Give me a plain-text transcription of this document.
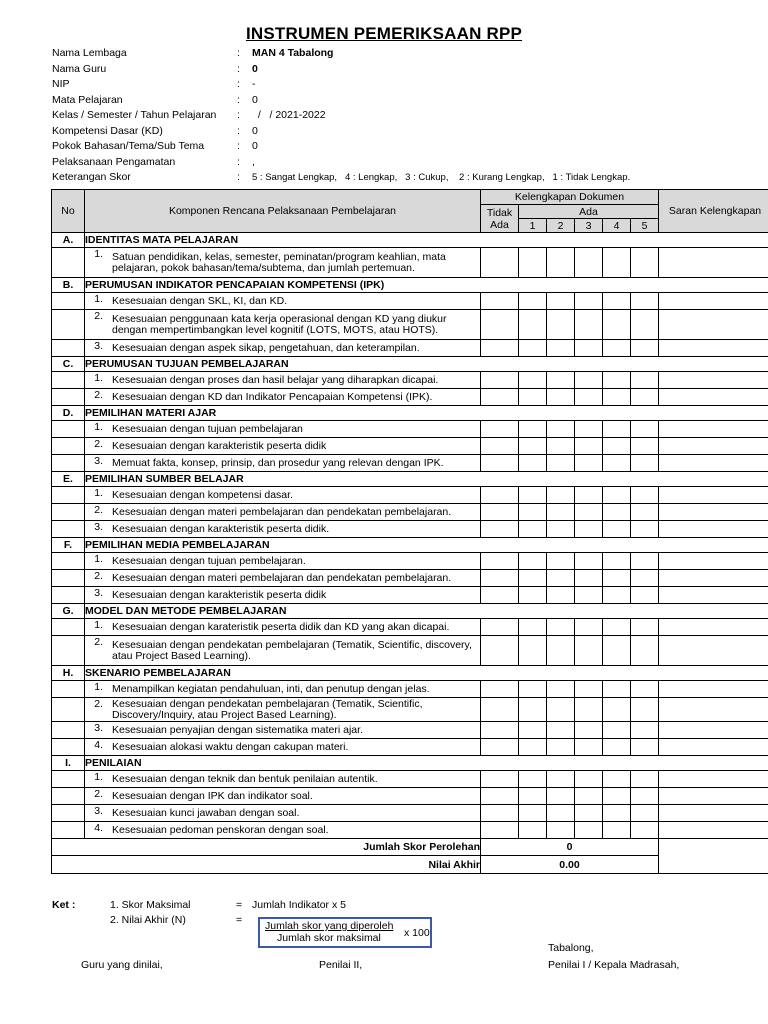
INSTRUMEN PEMERIKSAAN RPP
Nama Lembaga	: MAN 4 Tabalong
Nama Guru	: 0
NIP	: -
Mata Pelajaran	: 0
Kelas / Semester / Tahun Pelajaran : /   / 2021-2022
Kompetensi Dasar (KD)	: 0
Pokok Bahasan/Tema/Sub Tema	: 0
Pelaksanaan Pengamatan	: ,
Keterangan Skor	: 5 : Sangat Lengkap,   4 : Lengkap,   3 : Cukup,    2 : Kurang Lengkap,   1 : Tidak Lengkap.
No	Komponen Rencana Pelaksanaan Pembelajaran	Kelengkapan Dokumen						Saran Kelengkapan
		Tidak Ada	Ada					
			1	2	3	4	5	
A.	IDENTITAS MATA PELAJARAN							

	1. Satuan pendidikan, kelas, semester, peminatan/program keahlian, mata pelajaran, pokok bahasan/tema/subtema, dan jumlah pertemuan.							

B.	PERUMUSAN INDIKATOR PENCAPAIAN KOMPETENSI (IPK)							

	1. Kesesuaian dengan SKL, KI, dan KD.							

	2. Kesesuaian penggunaan kata kerja operasional dengan KD yang diukur dengan mempertimbangkan level kognitif (LOTS, MOTS, atau HOTS).							

	3. Kesesuaian dengan aspek sikap, pengetahuan, dan keterampilan.							

C.	PERUMUSAN TUJUAN PEMBELAJARAN							

	1. Kesesuaian dengan proses dan hasil belajar yang diharapkan dicapai.							

	2. Kesesuaian dengan KD dan Indikator Pencapaian Kompetensi (IPK).							

D.	PEMILIHAN MATERI AJAR							

	1. Kesesuaian dengan tujuan pembelajaran							

	2. Kesesuaian dengan karakteristik peserta didik							

	3. Memuat fakta, konsep, prinsip, dan prosedur yang relevan dengan IPK.							

E.	PEMILIHAN SUMBER BELAJAR							

	1. Kesesuaian dengan kompetensi dasar.							

	2. Kesesuaian dengan materi pembelajaran dan pendekatan pembelajaran.							

	3. Kesesuaian dengan karakteristik peserta didik.							

F.	PEMILIHAN MEDIA PEMBELAJARAN							

	1. Kesesuaian dengan tujuan pembelajaran.							

	2. Kesesuaian dengan materi pembelajaran dan pendekatan pembelajaran.							

	3. Kesesuaian dengan karakteristik peserta didik							

G.	MODEL DAN METODE PEMBELAJARAN							

	1. Kesesuaian dengan karateristik peserta didik dan KD yang akan dicapai.							

	2. Kesesuaian dengan pendekatan pembelajaran (Tematik, Scientific, discovery, atau Project Based Learning).							

H.	SKENARIO PEMBELAJARAN							

	1. Menampilkan kegiatan pendahuluan, inti, dan penutup dengan jelas.							

	2. Kesesuaian dengan pendekatan pembelajaran (Tematik, Scientific, Discovery/Inquiry, atau Project Based Learning).							

	3. Kesesuaian penyajian dengan sistematika materi ajar.							

	4. Kesesuaian alokasi waktu dengan cakupan materi.							

I.	PENILAIAN							

	1. Kesesuaian dengan teknik dan bentuk penilaian autentik.							

	2. Kesesuaian dengan IPK dan indikator soal.							

	3. Kesesuaian kunci jawaban dengan soal.							

	4. Kesesuaian pedoman penskoran dengan soal.							

Jumlah Skor Perolehan		0						
Nilai Akhir		0.00						
Ket :	1. Skor Maksimal	= Jumlah Indikator x 5
2. Nilai Akhir (N)	= Jumlah skor yang diperoleh
Jumlah skor maksimal x 100
Tabalong,
Guru yang dinilai,	Penilai II,	Penilai I / Kepala Madrasah,
